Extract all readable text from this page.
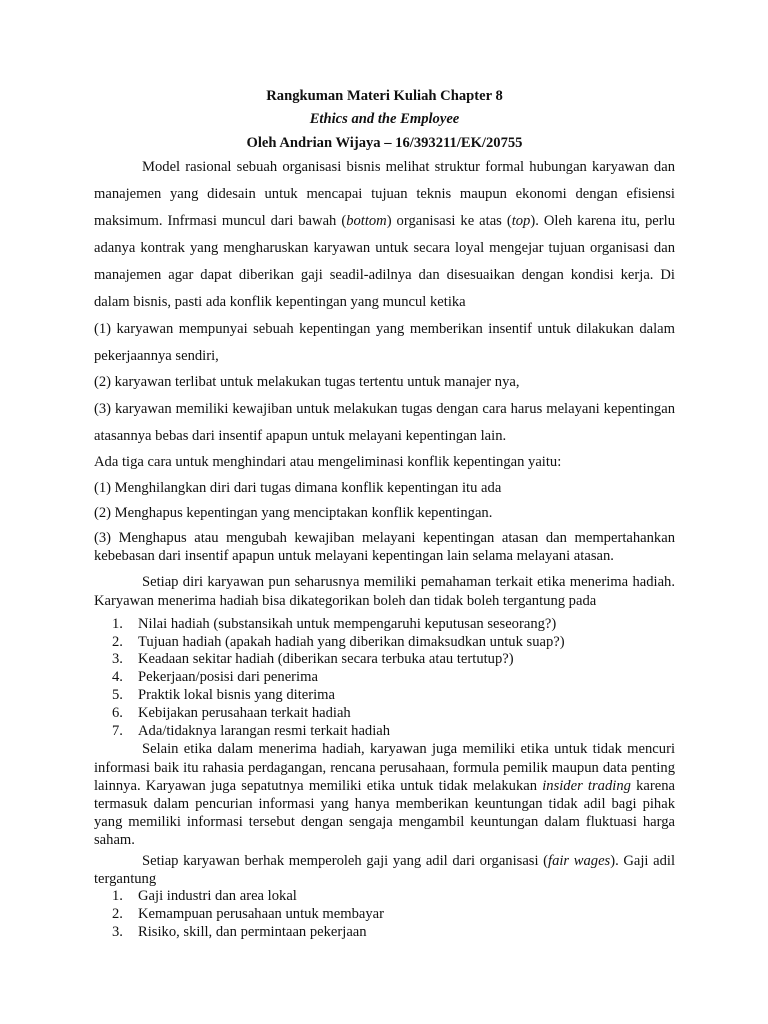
Rangkuman Materi Kuliah Chapter 8

Ethics and the Employee

Oleh Andrian Wijaya – 16/393211/EK/20755

Model rasional sebuah organisasi bisnis melihat struktur formal hubungan karyawan dan manajemen yang didesain untuk mencapai tujuan teknis maupun ekonomi dengan efisiensi maksimum. Infrmasi muncul dari bawah (bottom) organisasi ke atas (top). Oleh karena itu, perlu adanya kontrak yang mengharuskan karyawan untuk secara loyal mengejar tujuan organisasi dan manajemen agar dapat diberikan gaji seadil-adilnya dan disesuaikan dengan kondisi kerja. Di dalam bisnis, pasti ada konflik kepentingan yang muncul ketika

(1) karyawan mempunyai sebuah kepentingan yang memberikan insentif untuk dilakukan dalam pekerjaannya sendiri,

(2) karyawan terlibat untuk melakukan tugas tertentu untuk manajer nya,

(3) karyawan memiliki kewajiban untuk melakukan tugas dengan cara harus melayani kepentingan atasannya bebas dari insentif apapun untuk melayani kepentingan lain.

Ada tiga cara untuk menghindari atau mengeliminasi konflik kepentingan yaitu:

(1) Menghilangkan diri dari tugas dimana konflik kepentingan itu ada

(2) Menghapus kepentingan yang menciptakan konflik kepentingan.

(3) Menghapus atau mengubah kewajiban melayani kepentingan atasan dan mempertahankan kebebasan dari insentif apapun untuk melayani kepentingan lain selama melayani atasan.

Setiap diri karyawan pun seharusnya memiliki pemahaman terkait etika menerima hadiah. Karyawan menerima hadiah bisa dikategorikan boleh dan tidak boleh tergantung pada

1. Nilai hadiah (substansikah untuk mempengaruhi keputusan seseorang?)
2. Tujuan hadiah (apakah hadiah yang diberikan dimaksudkan untuk suap?)
3. Keadaan sekitar hadiah (diberikan secara terbuka atau tertutup?)
4. Pekerjaan/posisi dari penerima
5. Praktik lokal bisnis yang diterima
6. Kebijakan perusahaan terkait hadiah
7. Ada/tidaknya larangan resmi terkait hadiah

Selain etika dalam menerima hadiah, karyawan juga memiliki etika untuk tidak mencuri informasi baik itu rahasia perdagangan, rencana perusahaan, formula pemilik maupun data penting lainnya. Karyawan juga sepatutnya memiliki etika untuk tidak melakukan insider trading karena termasuk dalam pencurian informasi yang hanya memberikan keuntungan tidak adil bagi pihak yang memiliki informasi tersebut dengan sengaja mengambil keuntungan dalam fluktuasi harga saham.

Setiap karyawan berhak memperoleh gaji yang adil dari organisasi (fair wages). Gaji adil tergantung

1. Gaji industri dan area lokal
2. Kemampuan perusahaan untuk membayar
3. Risiko, skill, dan permintaan pekerjaan
